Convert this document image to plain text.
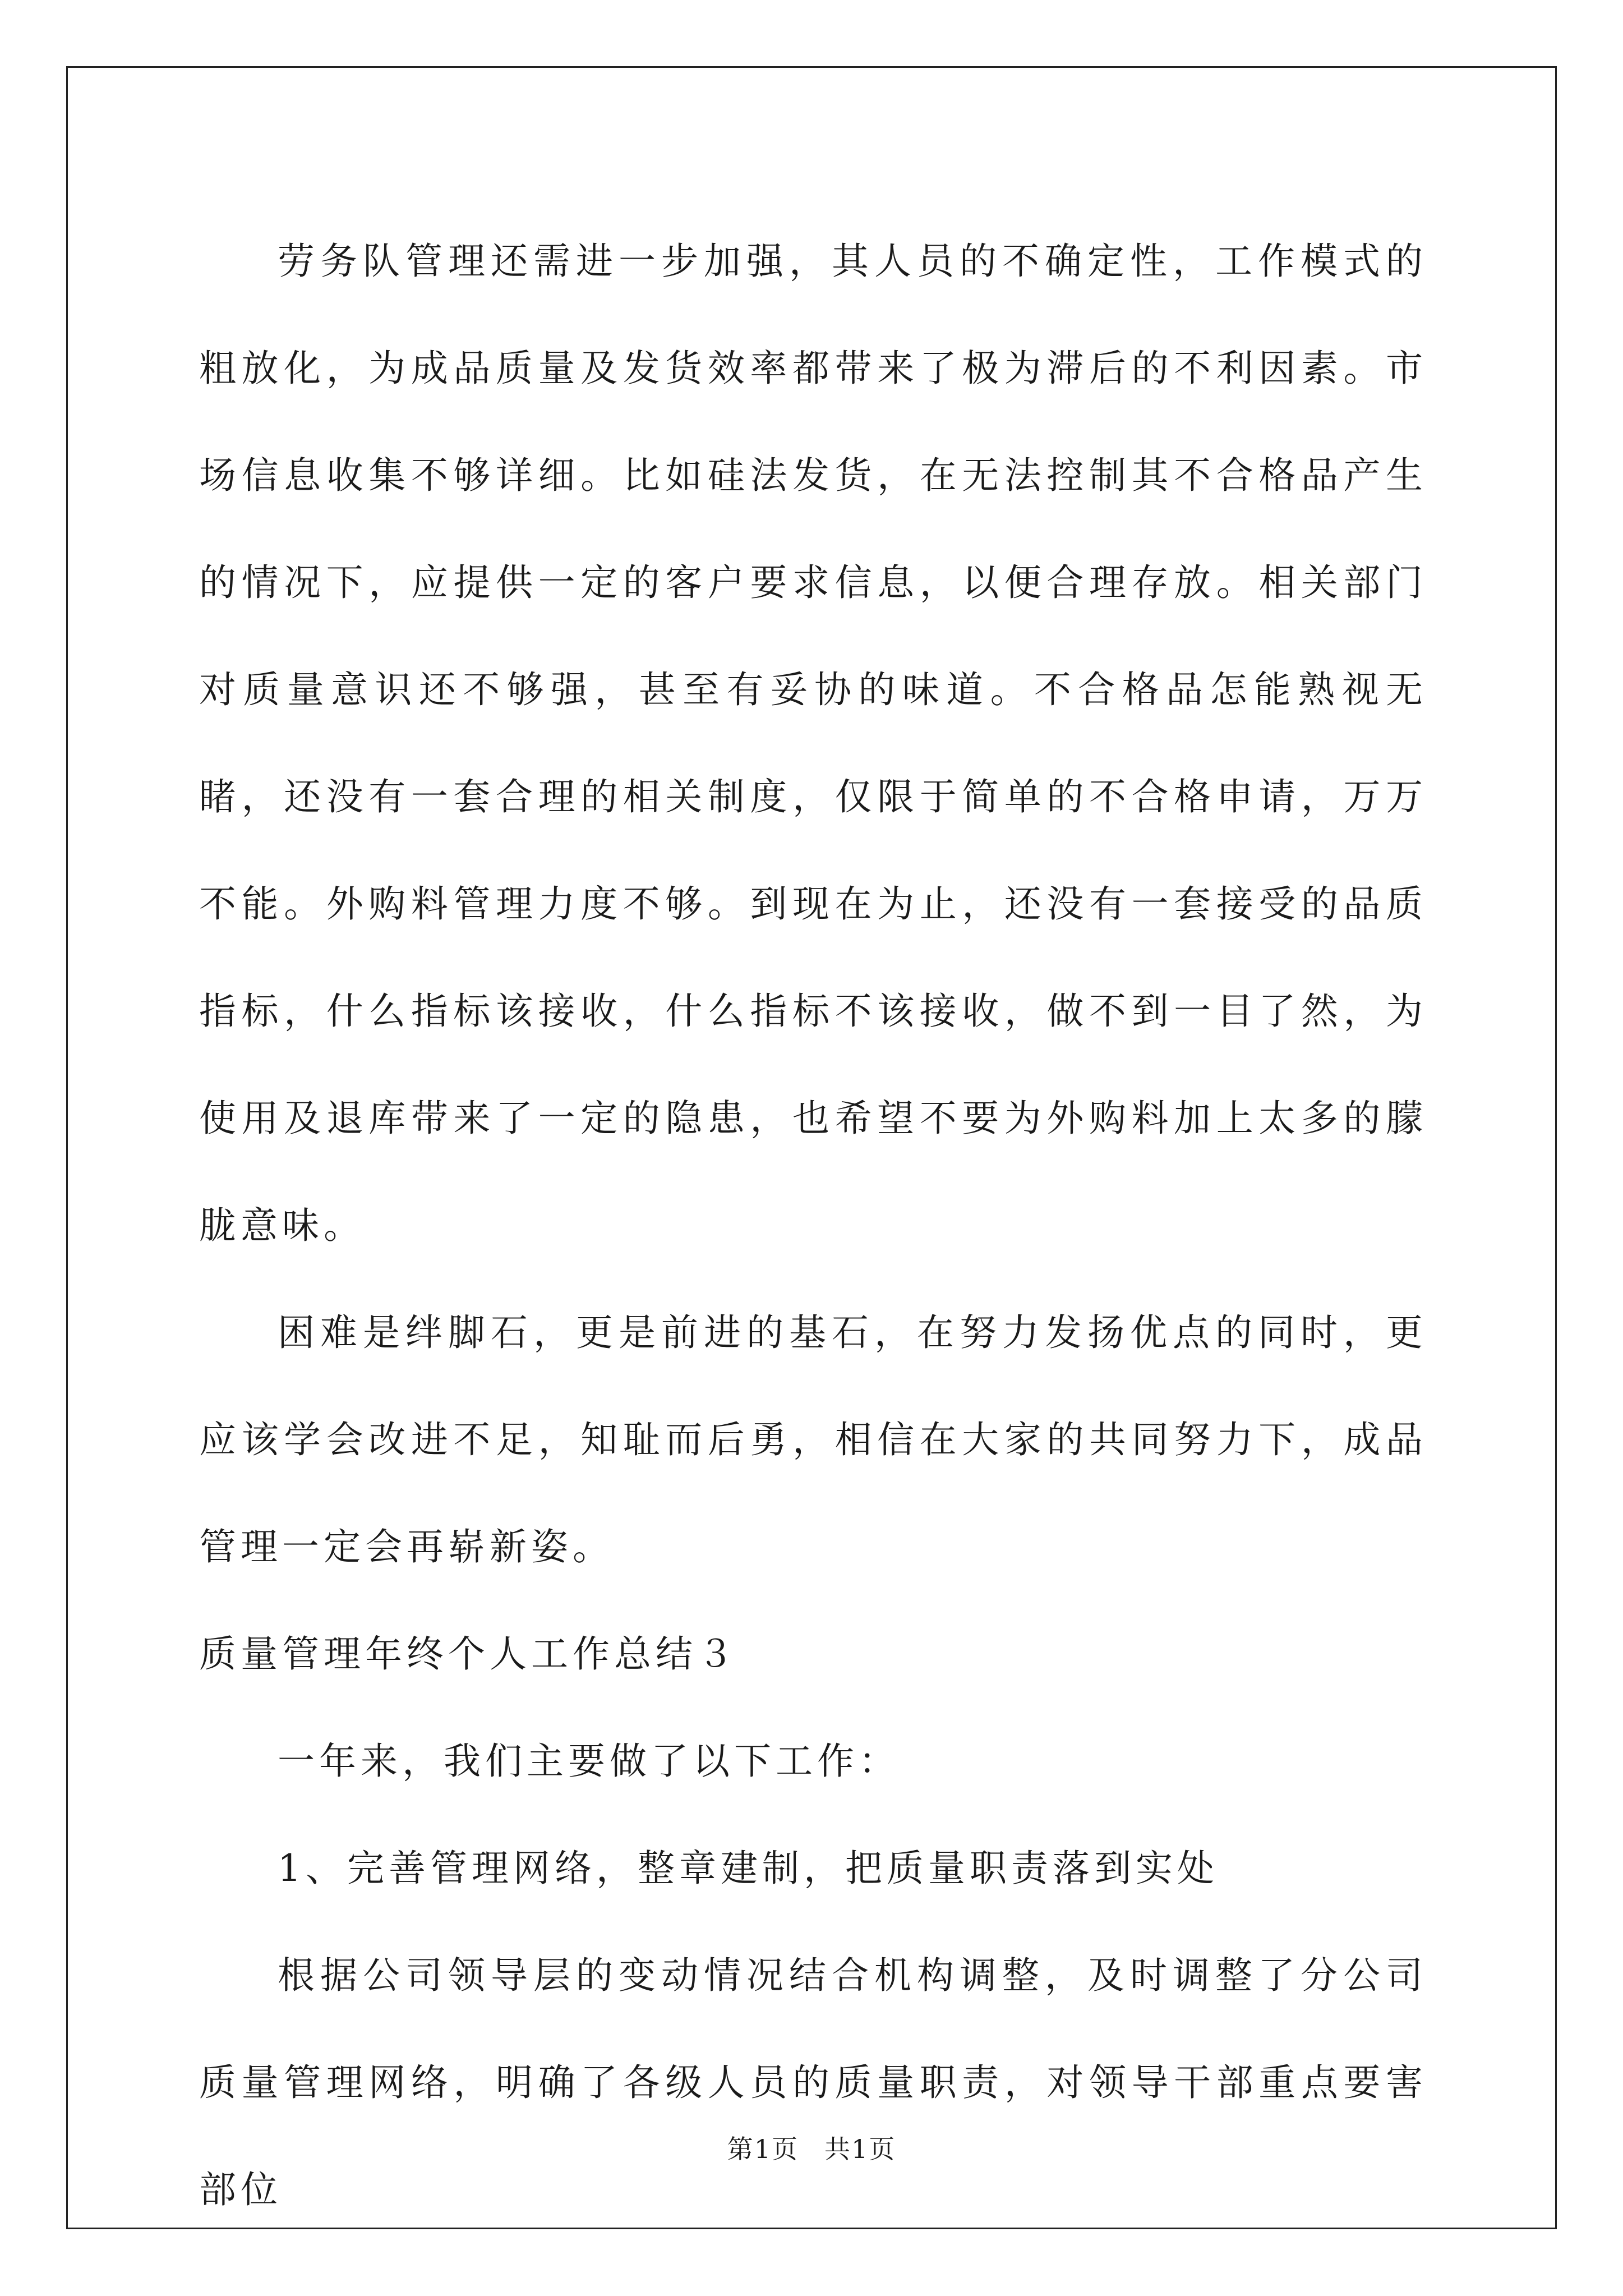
劳务队管理还需进一步加强，其人员的不确定性，工作模式的粗放化，为成品质量及发货效率都带来了极为滞后的不利因素。市场信息收集不够详细。比如硅法发货，在无法控制其不合格品产生的情况下，应提供一定的客户要求信息，以便合理存放。相关部门对质量意识还不够强，甚至有妥协的味道。不合格品怎能熟视无睹，还没有一套合理的相关制度，仅限于简单的不合格申请，万万不能。外购料管理力度不够。到现在为止，还没有一套接受的品质指标，什么指标该接收，什么指标不该接收，做不到一目了然，为使用及退库带来了一定的隐患，也希望不要为外购料加上太多的朦胧意味。

困难是绊脚石，更是前进的基石，在努力发扬优点的同时，更应该学会改进不足，知耻而后勇，相信在大家的共同努力下，成品管理一定会再崭新姿。

质量管理年终个人工作总结３

一年来，我们主要做了以下工作：

1、完善管理网络，整章建制，把质量职责落到实处

根据公司领导层的变动情况结合机构调整，及时调整了分公司质量管理网络，明确了各级人员的质量职责，对领导干部重点要害部位

第1页 共1页
